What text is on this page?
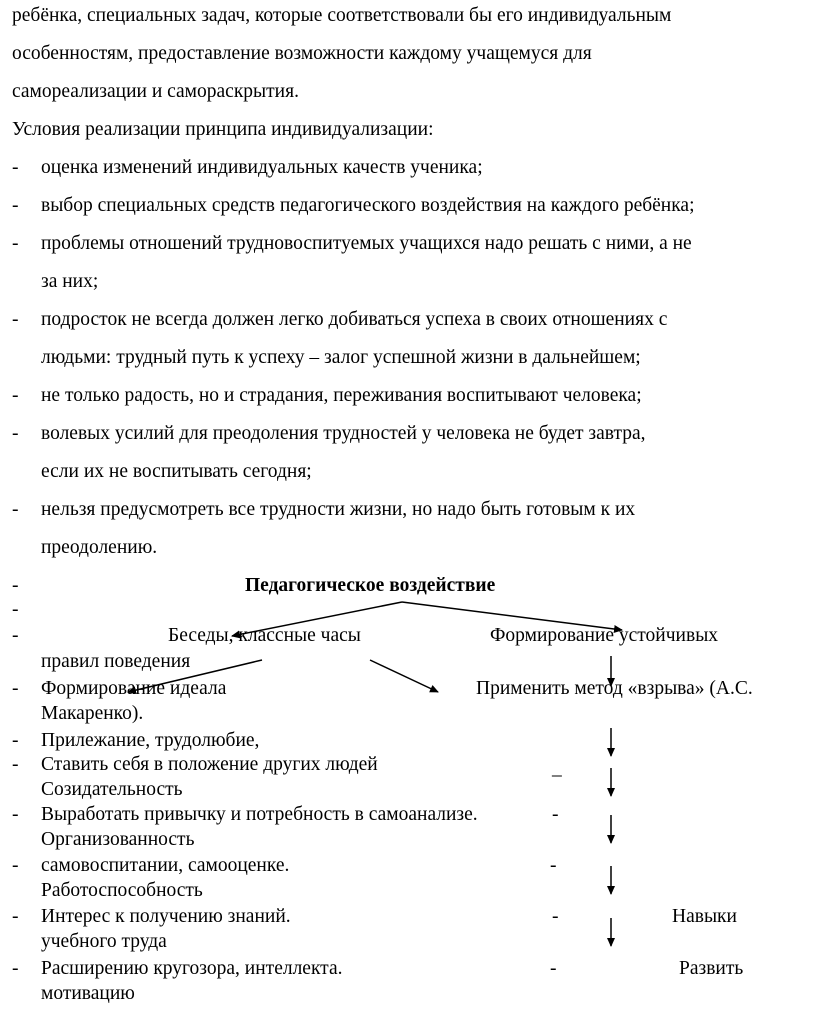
ребёнка, специальных задач, которые соответствовали бы его индивидуальным
особенностям, предоставление возможности каждому учащемуся для
самореализации и самораскрытия.
Условия реализации принципа индивидуализации:
- оценка изменений индивидуальных качеств ученика;
- выбор специальных средств педагогического воздействия на каждого ребёнка;
- проблемы отношений трудновоспитуемых учащихся надо решать с ними, а не
за них;
- подросток не всегда должен легко добиваться успеха в своих отношениях с
людьми: трудный путь к успеху – залог успешной жизни в дальнейшем;
- не только радость, но и страдания, переживания воспитывают человека;
- волевых усилий для преодоления трудностей у человека не будет завтра,
если их не воспитывать сегодня;
- нельзя предусмотреть все трудности жизни, но надо быть готовым к их
преодолению.
-	Педагогическое воздействие
-
-	Беседы, классные часы	Формирование устойчивых
правил поведения
- Формирование идеала	Применить метод «взрыва» (А.С.
Макаренко).
- Прилежание, трудолюбие,
- Ставить себя в положение других людей	_
Созидательность
- Выработать привычку и потребность в самоанализе.	-
Организованность
- самовоспитании, самооценке.	-
Работоспособность
- Интерес к получению знаний.	-	Навыки
учебного труда
- Расширению кругозора, интеллекта.	-	Развить
мотивацию
